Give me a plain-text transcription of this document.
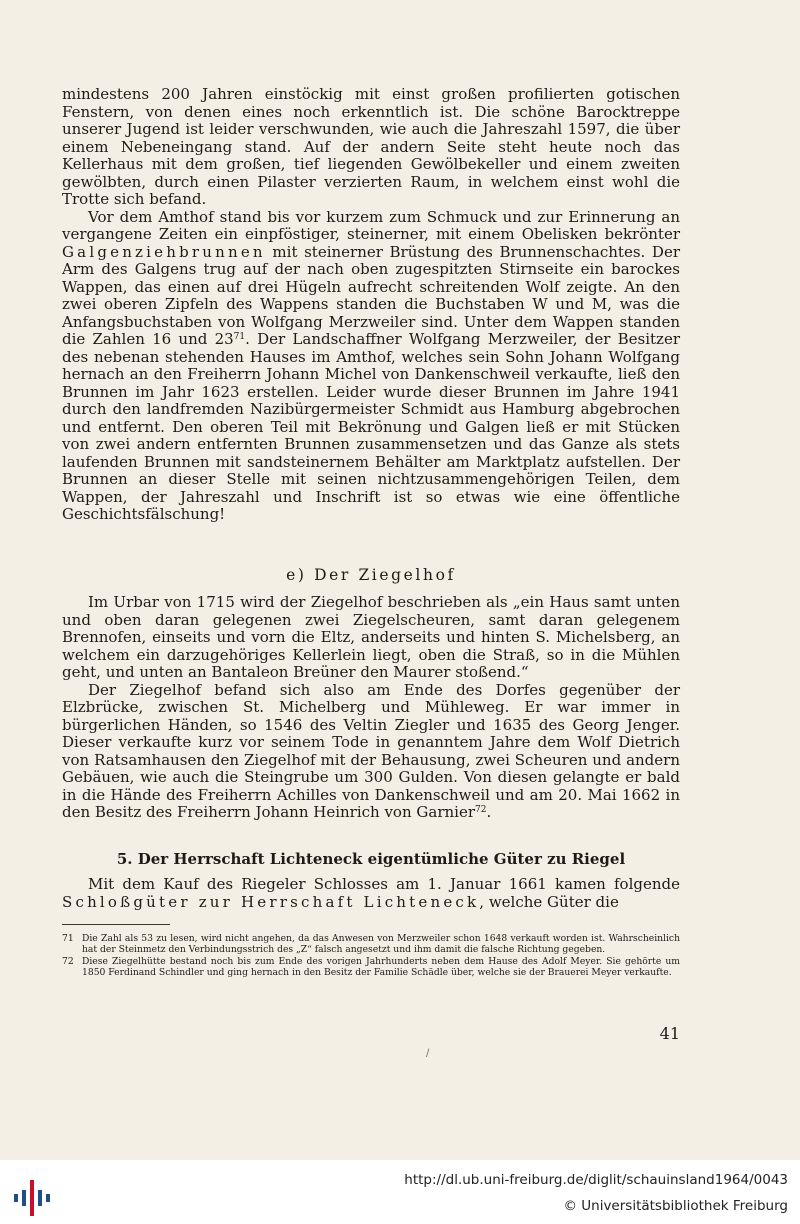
mindestens 200 Jahren einstöckig mit einst großen profilierten gotischen Fenstern, von denen eines noch erkenntlich ist. Die schöne Barocktreppe unserer Jugend ist leider verschwunden, wie auch die Jahreszahl 1597, die über einem Nebeneingang stand. Auf der andern Seite steht heute noch das Kellerhaus mit dem großen, tief liegenden Gewölbekeller und einem zweiten gewölbten, durch einen Pilaster verzierten Raum, in welchem einst wohl die Trotte sich befand.

Vor dem Amthof stand bis vor kurzem zum Schmuck und zur Erinnerung an vergangene Zeiten ein einpföstiger, steinerner, mit einem Obelisken bekrönter Galgenziehbrunnen mit steinerner Brüstung des Brunnenschachtes. Der Arm des Galgens trug auf der nach oben zugespitzten Stirnseite ein barockes Wappen, das einen auf drei Hügeln aufrecht schreitenden Wolf zeigte. An den zwei oberen Zipfeln des Wappens standen die Buchstaben W und M, was die Anfangsbuchstaben von Wolfgang Merzweiler sind. Unter dem Wappen standen die Zahlen 16 und $23^{71}$. Der Landschaffner Wolfgang Merzweiler, der Besitzer des nebenan stehenden Hauses im Amthof, welches sein Sohn Johann Wolfgang hernach an den Freiherrn Johann Michel von Dankenschweil verkaufte, ließ den Brunnen im Jahr 1623 erstellen. Leider wurde dieser Brunnen im Jahre 1941 durch den landfremden Nazibürgermeister Schmidt aus Hamburg abgebrochen und entfernt. Den oberen Teil mit Bekrönung und Galgen ließ er mit Stücken von zwei andern entfernten Brunnen zusammensetzen und das Ganze als stets laufenden Brunnen mit sandsteinernem Behälter am Marktplatz aufstellen. Der Brunnen an dieser Stelle mit seinen nichtzusammengehörigen Teilen, dem Wappen, der Jahreszahl und Inschrift ist so etwas wie eine öffentliche Geschichtsfälschung!

e) Der Ziegelhof

Im Urbar von 1715 wird der Ziegelhof beschrieben als „ein Haus samt unten und oben daran gelegenen zwei Ziegelscheuren, samt daran gelegenem Brennofen, einseits und vorn die Eltz, anderseits und hinten S. Michelsberg, an welchem ein darzugehöriges Kellerlein liegt, oben die Straß, so in die Mühlen geht, und unten an Bantaleon Breüner den Maurer stoßend.“

Der Ziegelhof befand sich also am Ende des Dorfes gegenüber der Elzbrücke, zwischen St. Michelberg und Mühleweg. Er war immer in bürgerlichen Händen, so 1546 des Veltin Ziegler und 1635 des Georg Jenger. Dieser verkaufte kurz vor seinem Tode in genanntem Jahre dem Wolf Dietrich von Ratsamhausen den Ziegelhof mit der Behausung, zwei Scheuren und andern Gebäuen, wie auch die Steingrube um 300 Gulden. Von diesen gelangte er bald in die Hände des Freiherrn Achilles von Dankenschweil und am 20. Mai 1662 in den Besitz des Freiherrn Johann Heinrich von Garnier$^{72}$.

5. Der Herrschaft Lichteneck eigentümliche Güter zu Riegel

Mit dem Kauf des Riegeler Schlosses am 1. Januar 1661 kamen folgende Schloßgüter zur Herrschaft Lichteneck, welche Güter die

71 Die Zahl als 53 zu lesen, wird nicht angehen, da das Anwesen von Merzweiler schon 1648 verkauft worden ist. Wahrscheinlich hat der Steinmetz den Verbindungsstrich des „Z“ falsch angesetzt und ihm damit die falsche Richtung gegeben.
72 Diese Ziegelhütte bestand noch bis zum Ende des vorigen Jahrhunderts neben dem Hause des Adolf Meyer. Sie gehörte um 1850 Ferdinand Schindler und ging hernach in den Besitz der Familie Schädle über, welche sie der Brauerei Meyer verkaufte.
41
/
http://dl.ub.uni-freiburg.de/diglit/schauinsland1964/0043
© Universitätsbibliothek Freiburg
